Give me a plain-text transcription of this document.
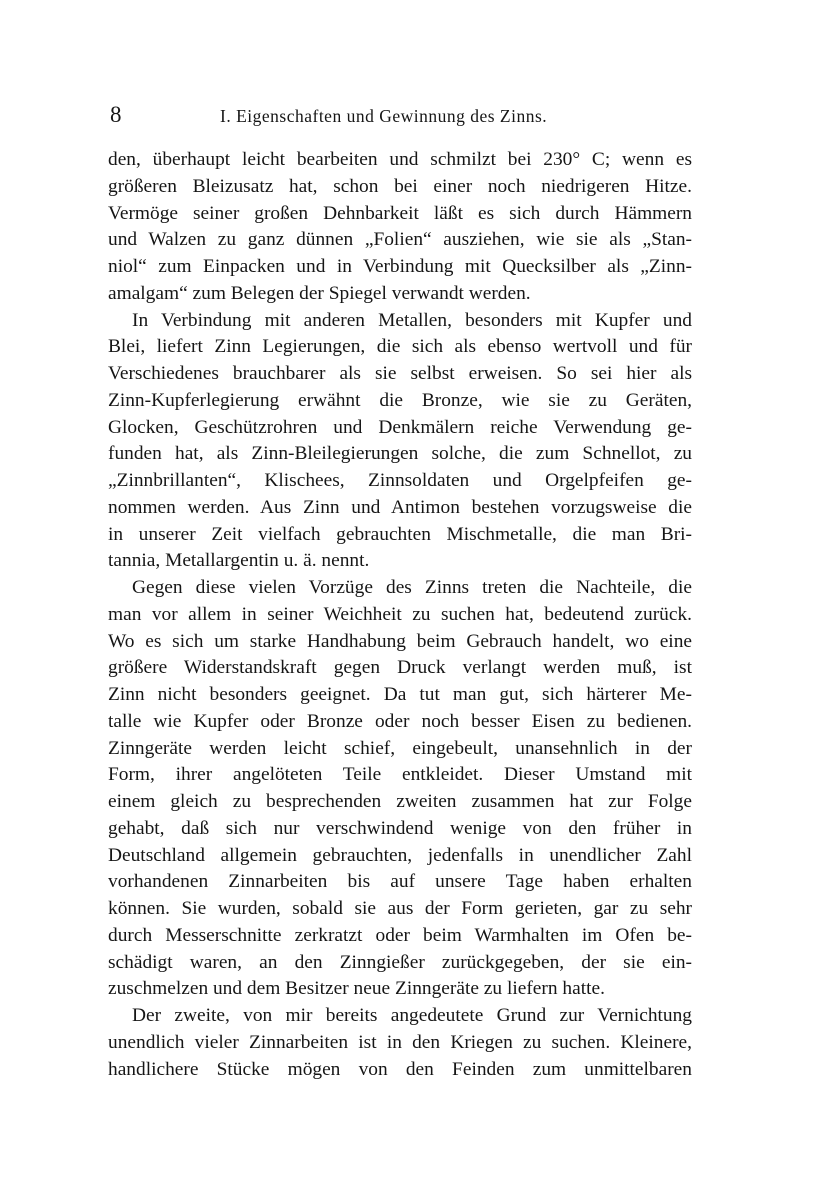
8	I. Eigenschaften und Gewinnung des Zinns.
den, überhaupt leicht bearbeiten und schmilzt bei 230° C; wenn es
größeren Bleizusatz hat, schon bei einer noch niedrigeren Hitze.
Vermöge seiner großen Dehnbarkeit läßt es sich durch Hämmern
und Walzen zu ganz dünnen „Folien“ ausziehen, wie sie als „Stan-
niol“ zum Einpacken und in Verbindung mit Quecksilber als „Zinn-
amalgam“ zum Belegen der Spiegel verwandt werden.
In Verbindung mit anderen Metallen, besonders mit Kupfer und
Blei, liefert Zinn Legierungen, die sich als ebenso wertvoll und für
Verschiedenes brauchbarer als sie selbst erweisen. So sei hier als
Zinn-Kupferlegierung erwähnt die Bronze, wie sie zu Geräten,
Glocken, Geschützrohren und Denkmälern reiche Verwendung ge-
funden hat, als Zinn-Bleilegierungen solche, die zum Schnellot, zu
„Zinnbrillanten“, Klischees, Zinnsoldaten und Orgelpfeifen ge-
nommen werden. Aus Zinn und Antimon bestehen vorzugsweise die
in unserer Zeit vielfach gebrauchten Mischmetalle, die man Bri-
tannia, Metallargentin u. ä. nennt.
Gegen diese vielen Vorzüge des Zinns treten die Nachteile, die
man vor allem in seiner Weichheit zu suchen hat, bedeutend zurück.
Wo es sich um starke Handhabung beim Gebrauch handelt, wo eine
größere Widerstandskraft gegen Druck verlangt werden muß, ist
Zinn nicht besonders geeignet. Da tut man gut, sich härterer Me-
talle wie Kupfer oder Bronze oder noch besser Eisen zu bedienen.
Zinngeräte werden leicht schief, eingebeult, unansehnlich in der
Form, ihrer angelöteten Teile entkleidet. Dieser Umstand mit
einem gleich zu besprechenden zweiten zusammen hat zur Folge
gehabt, daß sich nur verschwindend wenige von den früher in
Deutschland allgemein gebrauchten, jedenfalls in unendlicher Zahl
vorhandenen Zinnarbeiten bis auf unsere Tage haben erhalten
können. Sie wurden, sobald sie aus der Form gerieten, gar zu sehr
durch Messerschnitte zerkratzt oder beim Warmhalten im Ofen be-
schädigt waren, an den Zinngießer zurückgegeben, der sie ein-
zuschmelzen und dem Besitzer neue Zinngeräte zu liefern hatte.
Der zweite, von mir bereits angedeutete Grund zur Vernichtung
unendlich vieler Zinnarbeiten ist in den Kriegen zu suchen. Kleinere,
handlichere Stücke mögen von den Feinden zum unmittelbaren
